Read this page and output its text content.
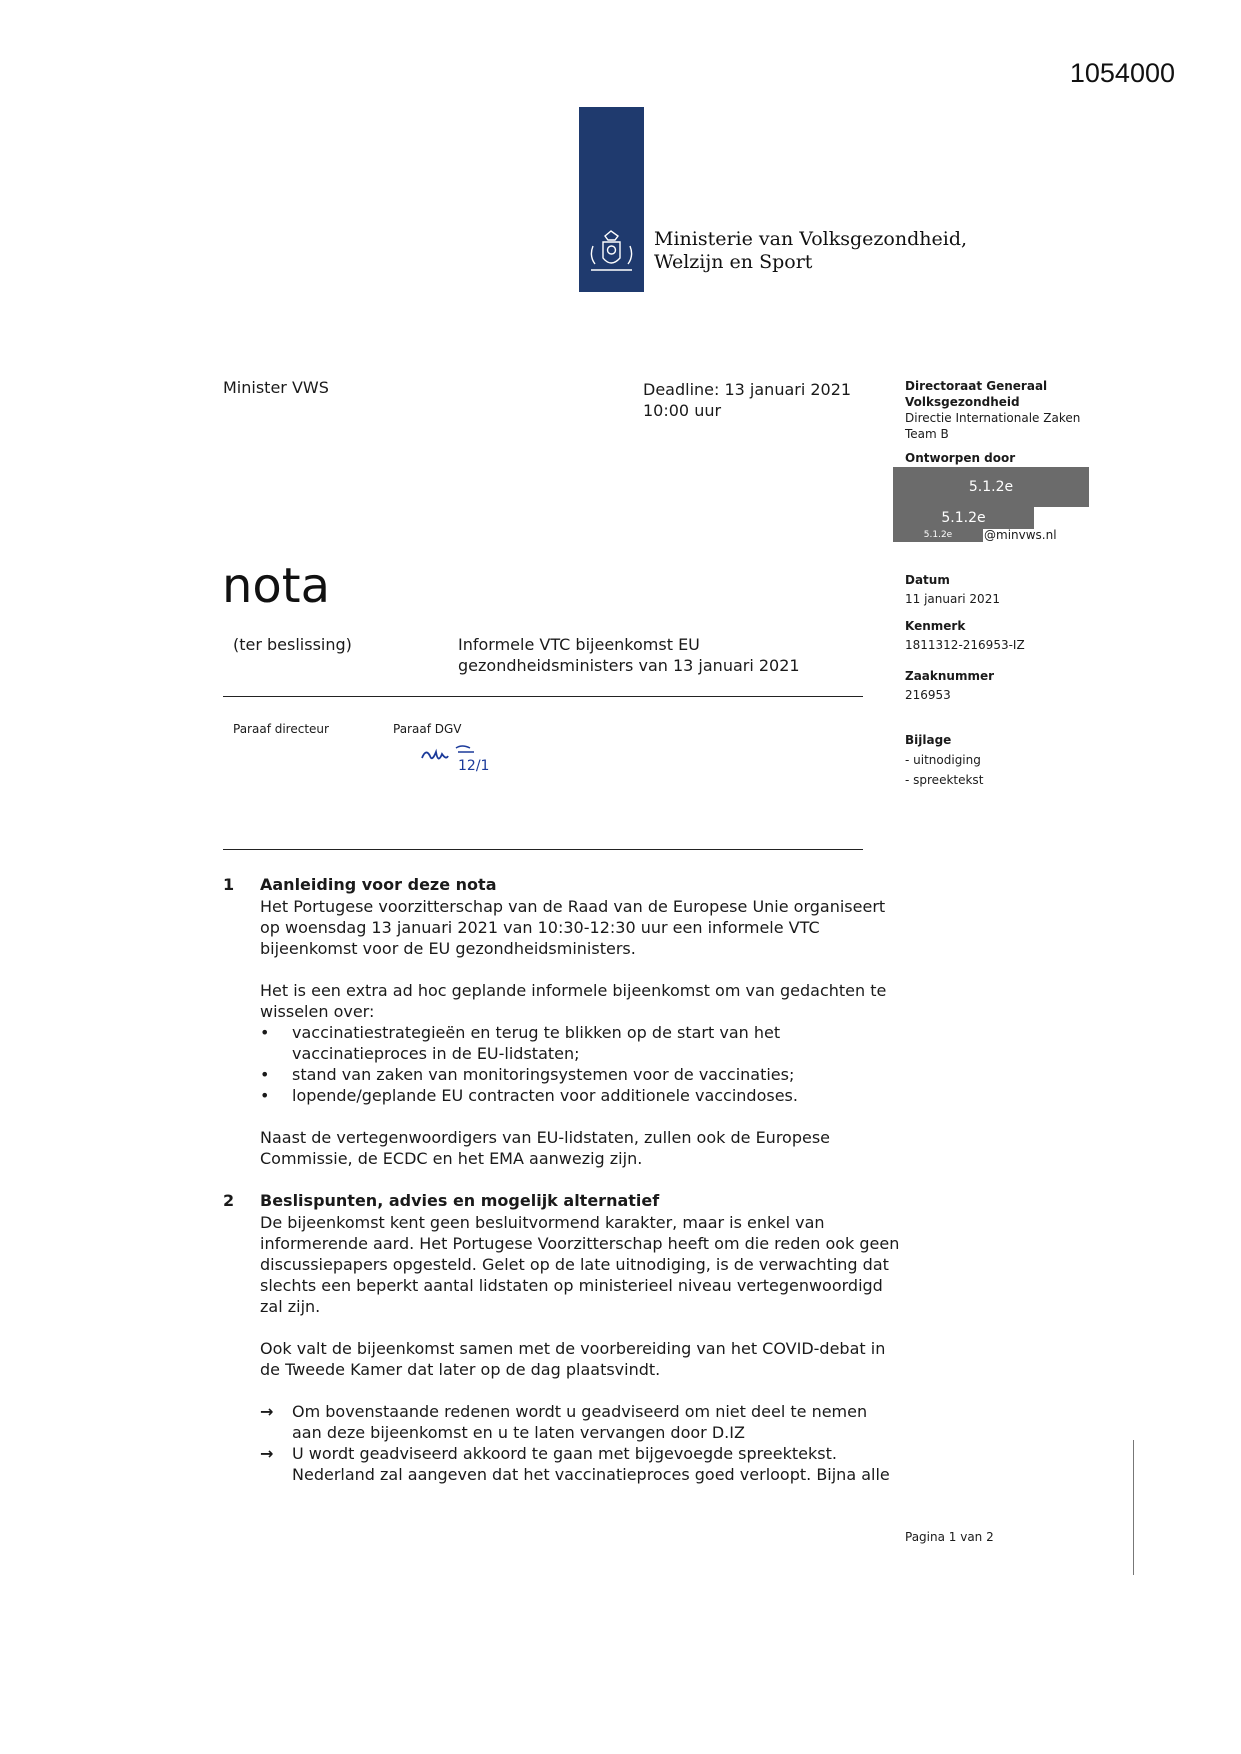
1054000
Ministerie van Volksgezondheid,
Welzijn en Sport
Minister VWS	Deadline: 13 januari 2021
10:00 uur
nota
(ter beslissing)	Informele VTC bijeenkomst EU
gezondheidsministers van 13 januari 2021
Paraaf directeur	Paraaf DGV
12/1
1 Aanleiding voor deze nota
Het Portugese voorzitterschap van de Raad van de Europese Unie organiseert op woensdag 13 januari 2021 van 10:30-12:30 uur een informele VTC bijeenkomst voor de EU gezondheidsministers.
Het is een extra ad hoc geplande informele bijeenkomst om van gedachten te wisselen over:
• vaccinatiestrategieën en terug te blikken op de start van het vaccinatieproces in de EU-lidstaten;
• stand van zaken van monitoringsystemen voor de vaccinaties;
• lopende/geplande EU contracten voor additionele vaccindoses.
Naast de vertegenwoordigers van EU-lidstaten, zullen ook de Europese Commissie, de ECDC en het EMA aanwezig zijn.
2 Beslispunten, advies en mogelijk alternatief
De bijeenkomst kent geen besluitvormend karakter, maar is enkel van informerende aard. Het Portugese Voorzitterschap heeft om die reden ook geen discussiepapers opgesteld. Gelet op de late uitnodiging, is de verwachting dat slechts een beperkt aantal lidstaten op ministerieel niveau vertegenwoordigd zal zijn.
Ook valt de bijeenkomst samen met de voorbereiding van het COVID-debat in de Tweede Kamer dat later op de dag plaatsvindt.
→ Om bovenstaande redenen wordt u geadviseerd om niet deel te nemen aan deze bijeenkomst en u te laten vervangen door D.IZ
→ U wordt geadviseerd akkoord te gaan met bijgevoegde spreektekst. Nederland zal aangeven dat het vaccinatieproces goed verloopt. Bijna alle
Directoraat Generaal
Volksgezondheid
Directie Internationale Zaken
Team B
Ontworpen door
5.1.2e
5.1.2e
5.1.2e	@minvws.nl
Datum
11 januari 2021
Kenmerk
1811312-216953-IZ
Zaaknummer
216953
Bijlage
- uitnodiging
- spreektekst
Pagina 1 van 2
